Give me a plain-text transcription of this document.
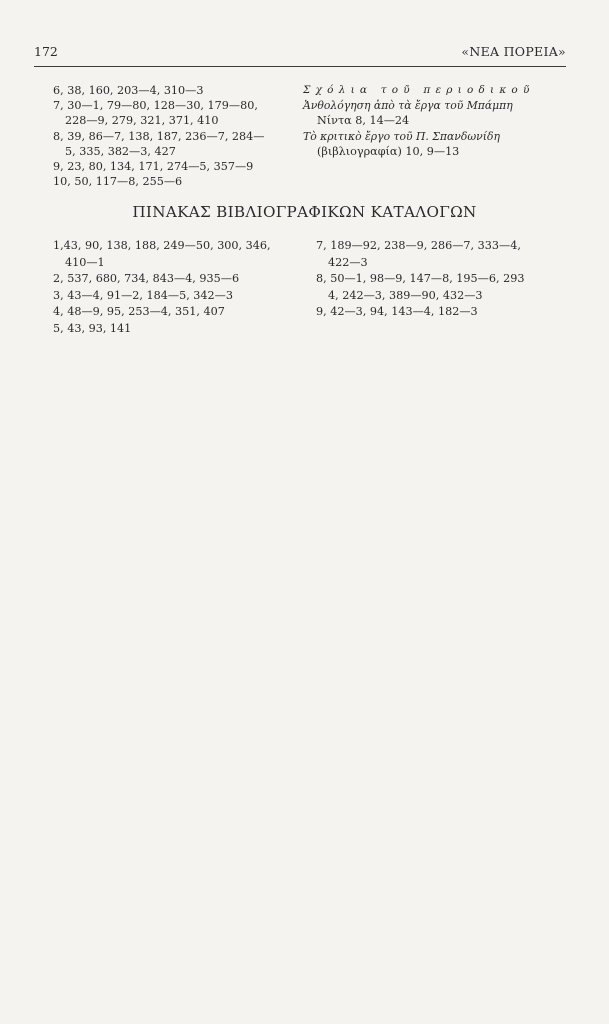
172	«ΝΕΑ ΠΟΡΕΙΑ»
6, 38, 160, 203—4, 310—3
7, 30—1, 79—80, 128—30, 179—80,
228—9, 279, 321, 371, 410
8, 39, 86—7, 138, 187, 236—7, 284—
5, 335, 382—3, 427
9, 23, 80, 134, 171, 274—5, 357—9
10, 50, 117—8, 255—6
Σχόλια τοῦ περιοδικοῦ
Ἀνθολόγηση ἀπὸ τὰ ἔργα τοῦ Μπάμπη
Νίντα 8, 14—24
Τὸ κριτικὸ ἔργο τοῦ Π. Σπανδωνίδη
(βιβλιογραφία) 10, 9—13
ΠΙΝΑΚΑΣ ΒΙΒΛΙΟΓΡΑΦΙΚΩΝ ΚΑΤΑΛΟΓΩΝ
1,43, 90, 138, 188, 249—50, 300, 346,
410—1
2, 537, 680, 734, 843—4, 935—6
3, 43—4, 91—2, 184—5, 342—3
4, 48—9, 95, 253—4, 351, 407
5, 43, 93, 141
7, 189—92, 238—9, 286—7, 333—4,
422—3
8, 50—1, 98—9, 147—8, 195—6, 293
4, 242—3, 389—90, 432—3
9, 42—3, 94, 143—4, 182—3
